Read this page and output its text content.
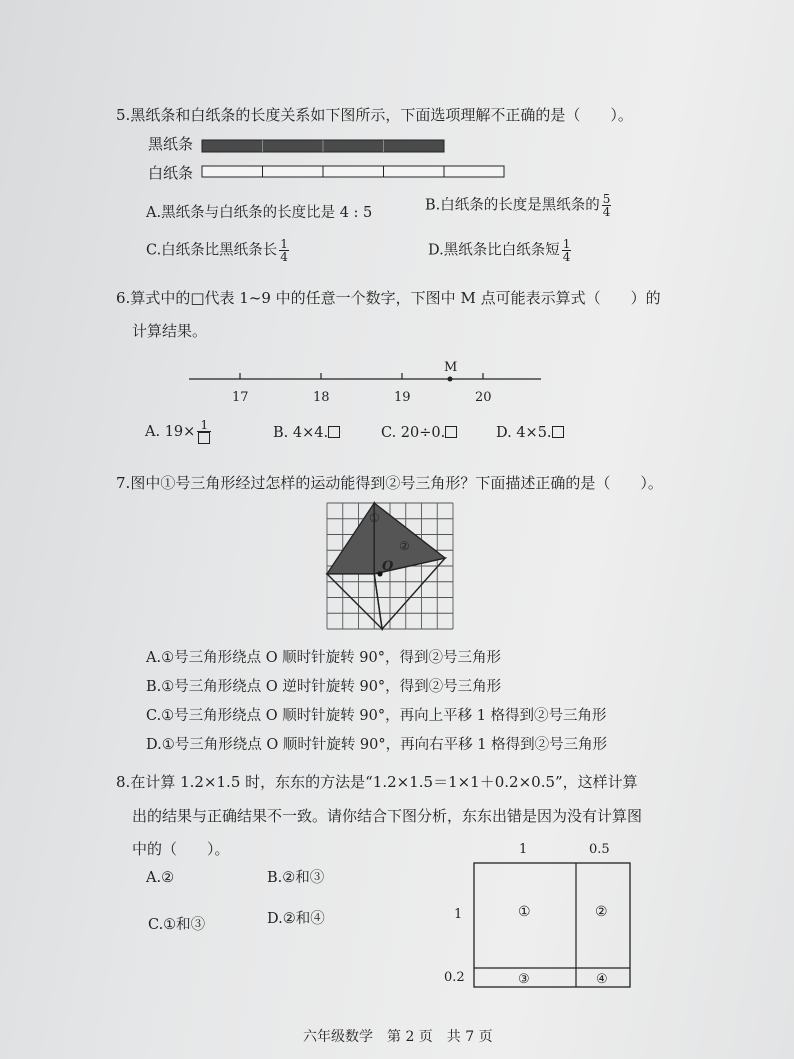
5.黑纸条和白纸条的长度关系如下图所示，下面选项理解不正确的是（　　）。
黑纸条
白纸条
A.黑纸条与白纸条的长度比是 4 : 5	B.白纸条的长度是黑纸条的 $\frac{5}{4}$
C.白纸条比黑纸条长 $\frac{1}{4}$	D.黑纸条比白纸条短 $\frac{1}{4}$
6.算式中的□代表 1~9 中的任意一个数字，下图中 M 点可能表示算式（　　）的
计算结果。
M
17	18	19	20
A. 19× 1	B. 4×4.	C. 20÷0.	D. 4×5.
7.图中①号三角形经过怎样的运动能得到②号三角形？下面描述正确的是（　　）。
①
②
O
A.①号三角形绕点 O 顺时针旋转 90°，得到②号三角形
B.①号三角形绕点 O 逆时针旋转 90°，得到②号三角形
C.①号三角形绕点 O 顺时针旋转 90°，再向上平移 1 格得到②号三角形
D.①号三角形绕点 O 顺时针旋转 90°，再向右平移 1 格得到②号三角形
8.在计算 1.2×1.5 时，东东的方法是“1.2×1.5＝1×1＋0.2×0.5”，这样计算
出的结果与正确结果不一致。请你结合下图分析，东东出错是因为没有计算图
中的（　　）。
A.②	B.②和③
C.①和③	D.②和④
1	0.5
1
0.2
①	②
③	④
六年级数学　第 2 页　共 7 页
